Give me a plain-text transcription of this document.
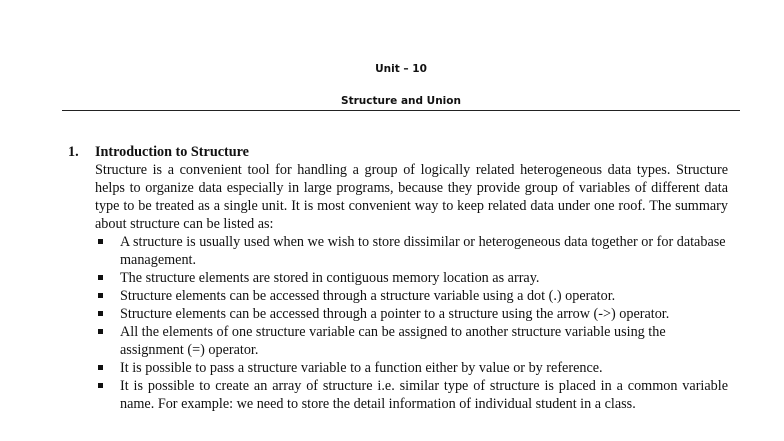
Unit – 10
Structure and Union
1.	Introduction to Structure

Structure is a convenient tool for handling a group of logically related heterogeneous data types. Structure helps to organize data especially in large programs, because they provide group of variables of different data type to be treated as a single unit. It is most convenient way to keep related data under one roof. The summary about structure can be listed as:

A structure is usually used when we wish to store dissimilar or heterogeneous data together or for database management.
The structure elements are stored in contiguous memory location as array.
Structure elements can be accessed through a structure variable using a dot (.) operator.
Structure elements can be accessed through a pointer to a structure using the arrow (->) operator.
All the elements of one structure variable can be assigned to another structure variable using the assignment (=) operator.
It is possible to pass a structure variable to a function either by value or by reference.
It is possible to create an array of structure i.e. similar type of structure is placed in a common variable name. For example: we need to store the detail information of individual student in a class.
